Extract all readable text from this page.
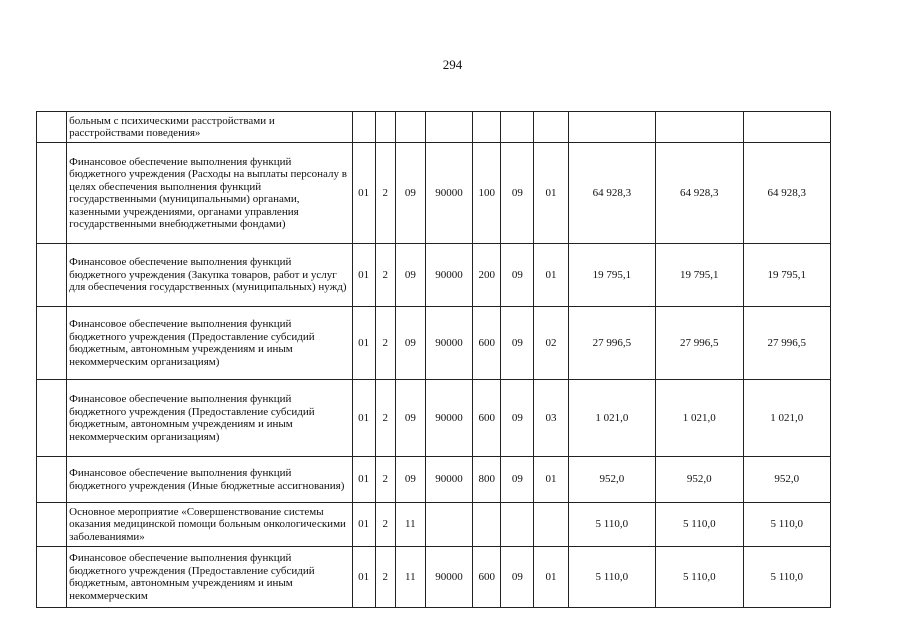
294
	больным с психическими расстройствами и расстройствами поведения»										
	Финансовое обеспечение выполнения функций бюджетного учреждения (Расходы на выплаты персоналу в целях обеспечения выполнения функций государственными (муниципальными) органами, казенными учреждениями, органами управления государственными внебюджетными фондами)	01	2	09	90000	100	09	01	64 928,3	64 928,3	64 928,3
	Финансовое обеспечение выполнения функций бюджетного учреждения (Закупка товаров, работ и услуг для обеспечения государственных (муниципальных) нужд)	01	2	09	90000	200	09	01	19 795,1	19 795,1	19 795,1
	Финансовое обеспечение выполнения функций бюджетного учреждения (Предоставление субсидий бюджетным, автономным учреждениям и иным некоммерческим организациям)	01	2	09	90000	600	09	02	27 996,5	27 996,5	27 996,5
	Финансовое обеспечение выполнения функций бюджетного учреждения (Предоставление субсидий бюджетным, автономным учреждениям и иным некоммерческим организациям)	01	2	09	90000	600	09	03	1 021,0	1 021,0	1 021,0
	Финансовое обеспечение выполнения функций бюджетного учреждения (Иные бюджетные ассигнования)	01	2	09	90000	800	09	01	952,0	952,0	952,0
	Основное мероприятие «Совершенствование системы оказания медицинской помощи больным онкологическими заболеваниями»	01	2	11					5 110,0	5 110,0	5 110,0
	Финансовое обеспечение выполнения функций бюджетного учреждения (Предоставление субсидий бюджетным, автономным учреждениям и иным некоммерческим	01	2	11	90000	600	09	01	5 110,0	5 110,0	5 110,0
